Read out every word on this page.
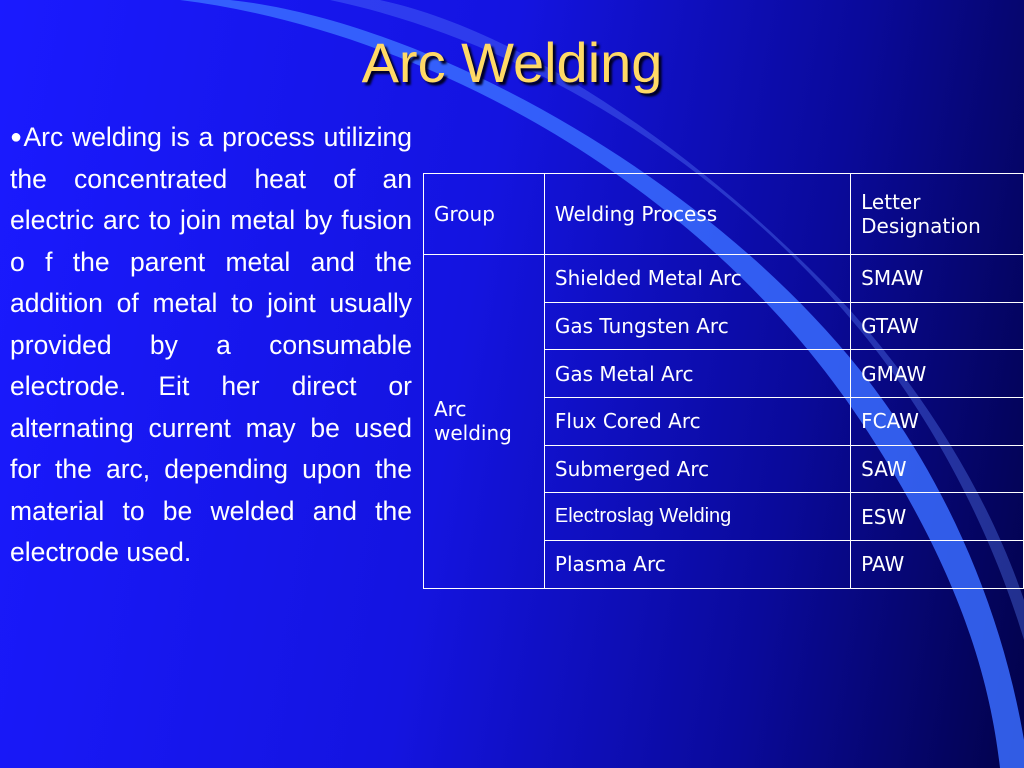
Arc Welding
●Arc welding is a process utilizing the concentrated heat of an electric arc to join metal by fusion o f the parent metal and the addition of metal to joint usually provided by a consumable electrode. Eit her direct or alternating current may be used for the arc, depending upon the material to be welded and the electrode used.
Group	Welding Process	Letter Designation
Arc welding	Shielded Metal Arc	SMAW
	Gas Tungsten Arc	GTAW
	Gas Metal Arc	GMAW
	Flux Cored Arc	FCAW
	Submerged Arc	SAW
	Electroslag Welding	ESW
	Plasma Arc	PAW
